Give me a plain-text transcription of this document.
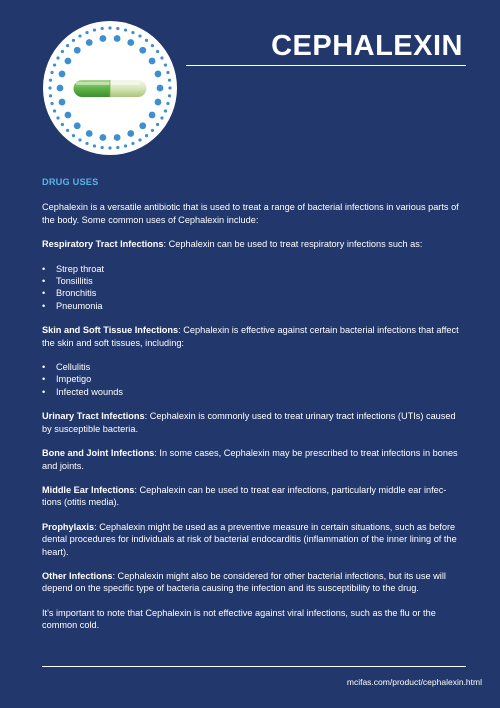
CEPHALEXIN
DRUG USES

Cephalexin is a versatile antibiotic that is used to treat a range of bacterial infections in various parts of the body. Some common uses of Cephalexin include:

Respiratory Tract Infections: Cephalexin can be used to treat respiratory infections such as:

• Strep throat
• Tonsillitis
• Bronchitis
• Pneumonia

Skin and Soft Tissue Infections: Cephalexin is effective against certain bacterial infections that affect the skin and soft tissues, including:

• Cellulitis
• Impetigo
• Infected wounds

Urinary Tract Infections: Cephalexin is commonly used to treat urinary tract infections (UTIs) caused by susceptible bacteria.

Bone and Joint Infections: In some cases, Cephalexin may be prescribed to treat infections in bones and joints.

Middle Ear Infections: Cephalexin can be used to treat ear infections, particularly middle ear infec-tions (otitis media).

Prophylaxis: Cephalexin might be used as a preventive measure in certain situations, such as before dental procedures for individuals at risk of bacterial endocarditis (inflammation of the inner lining of the heart).

Other Infections: Cephalexin might also be considered for other bacterial infections, but its use will depend on the specific type of bacteria causing the infection and its susceptibility to the drug.

It's important to note that Cephalexin is not effective against viral infections, such as the flu or the common cold.

mcifas.com/product/cephalexin.html
